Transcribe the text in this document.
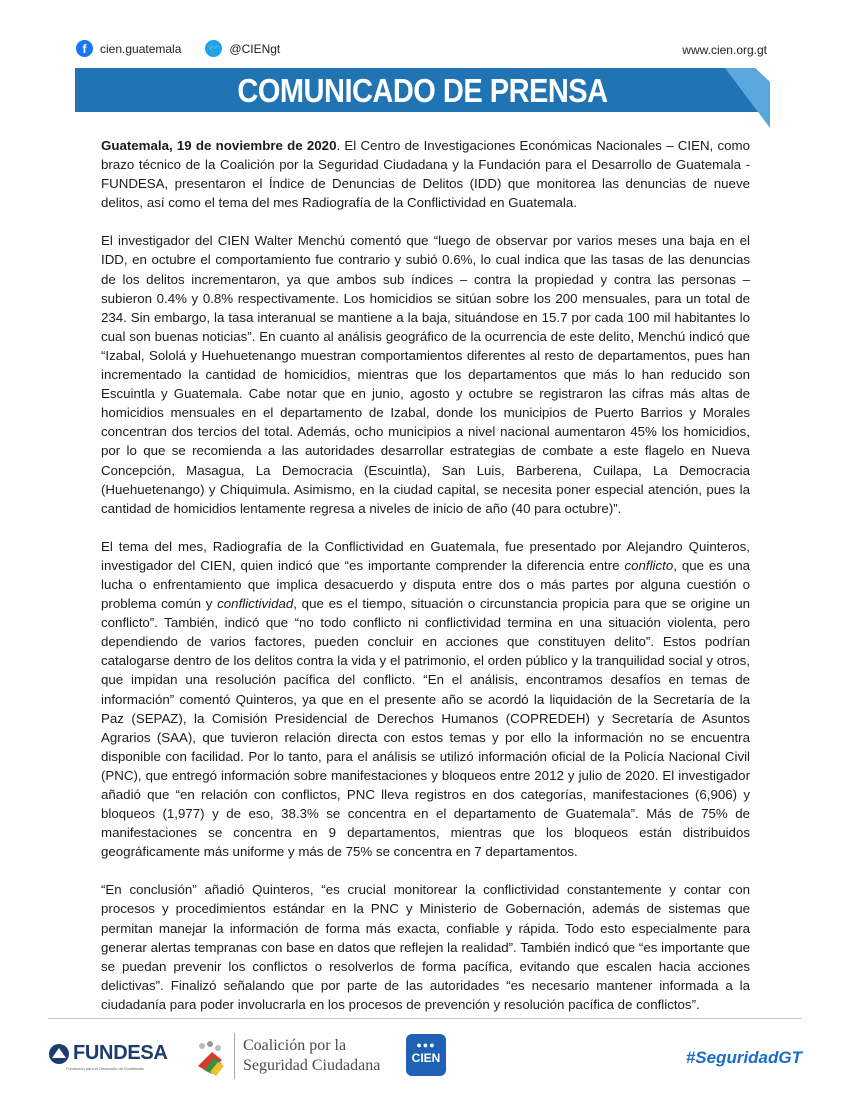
f	cien.guatemala	🐦 @CIENgt	www.cien.org.gt
COMUNICADO DE PRENSA

Guatemala, 19 de noviembre de 2020. El Centro de Investigaciones Económicas Nacionales – CIEN, como brazo técnico de la Coalición por la Seguridad Ciudadana y la Fundación para el Desarrollo de Guatemala - FUNDESA, presentaron el Índice de Denuncias de Delitos (IDD) que monitorea las denuncias de nueve delitos, así como el tema del mes Radiografía de la Conflictividad en Guatemala.

El investigador del CIEN Walter Menchú comentó que “luego de observar por varios meses una baja en el IDD, en octubre el comportamiento fue contrario y subió 0.6%, lo cual indica que las tasas de las denuncias de los delitos incrementaron, ya que ambos sub índices – contra la propiedad y contra las personas – subieron 0.4% y 0.8% respectivamente. Los homicidios se sitúan sobre los 200 mensuales, para un total de 234. Sin embargo, la tasa interanual se mantiene a la baja, situándose en 15.7 por cada 100 mil habitantes lo cual son buenas noticias”. En cuanto al análisis geográfico de la ocurrencia de este delito, Menchú indicó que “Izabal, Sololá y Huehuetenango muestran comportamientos diferentes al resto de departamentos, pues han incrementado la cantidad de homicidios, mientras que los departamentos que más lo han reducido son Escuintla y Guatemala. Cabe notar que en junio, agosto y octubre se registraron las cifras más altas de homicidios mensuales en el departamento de Izabal, donde los municipios de Puerto Barrios y Morales concentran dos tercios del total. Además, ocho municipios a nivel nacional aumentaron 45% los homicidios, por lo que se recomienda a las autoridades desarrollar estrategias de combate a este flagelo en Nueva Concepción, Masagua, La Democracia (Escuintla), San Luis, Barberena, Cuilapa, La Democracia (Huehuetenango) y Chiquimula. Asimismo, en la ciudad capital, se necesita poner especial atención, pues la cantidad de homicidios lentamente regresa a niveles de inicio de año (40 para octubre)”.

El tema del mes, Radiografía de la Conflictividad en Guatemala, fue presentado por Alejandro Quinteros, investigador del CIEN, quien indicó que “es importante comprender la diferencia entre conflicto, que es una lucha o enfrentamiento que implica desacuerdo y disputa entre dos o más partes por alguna cuestión o problema común y conflictividad, que es el tiempo, situación o circunstancia propicia para que se origine un conflicto”. También, indicó que “no todo conflicto ni conflictividad termina en una situación violenta, pero dependiendo de varios factores, pueden concluir en acciones que constituyen delito”. Estos podrían catalogarse dentro de los delitos contra la vida y el patrimonio, el orden público y la tranquilidad social y otros, que impidan una resolución pacífica del conflicto. “En el análisis, encontramos desafíos en temas de información” comentó Quinteros, ya que en el presente año se acordó la liquidación de la Secretaría de la Paz (SEPAZ), la Comisión Presidencial de Derechos Humanos (COPREDEH) y Secretaría de Asuntos Agrarios (SAA), que tuvieron relación directa con estos temas y por ello la información no se encuentra disponible con facilidad. Por lo tanto, para el análisis se utilizó información oficial de la Policía Nacional Civil (PNC), que entregó información sobre manifestaciones y bloqueos entre 2012 y julio de 2020. El investigador añadió que “en relación con conflictos, PNC lleva registros en dos categorías, manifestaciones (6,906) y bloqueos (1,977) y de eso, 38.3% se concentra en el departamento de Guatemala”. Más de 75% de manifestaciones se concentra en 9 departamentos, mientras que los bloqueos están distribuidos geográficamente más uniforme y más de 75% se concentra en 7 departamentos.

“En conclusión” añadió Quinteros, “es crucial monitorear la conflictividad constantemente y contar con procesos y procedimientos estándar en la PNC y Ministerio de Gobernación, además de sistemas que permitan manejar la información de forma más exacta, confiable y rápida. Todo esto especialmente para generar alertas tempranas con base en datos que reflejen la realidad”. También indicó que “es importante que se puedan prevenir los conflictos o resolverlos de forma pacífica, evitando que escalen hacia acciones delictivas”. Finalizó señalando que por parte de las autoridades “es necesario mantener informada a la ciudadanía para poder involucrarla en los procesos de prevención y resolución pacífica de conflictos”.

FUNDESA
Fundación para el Desarrollo de Guatemala
Coalición por la
Seguridad Ciudadana
●●●
CIEN	#SeguridadGT
